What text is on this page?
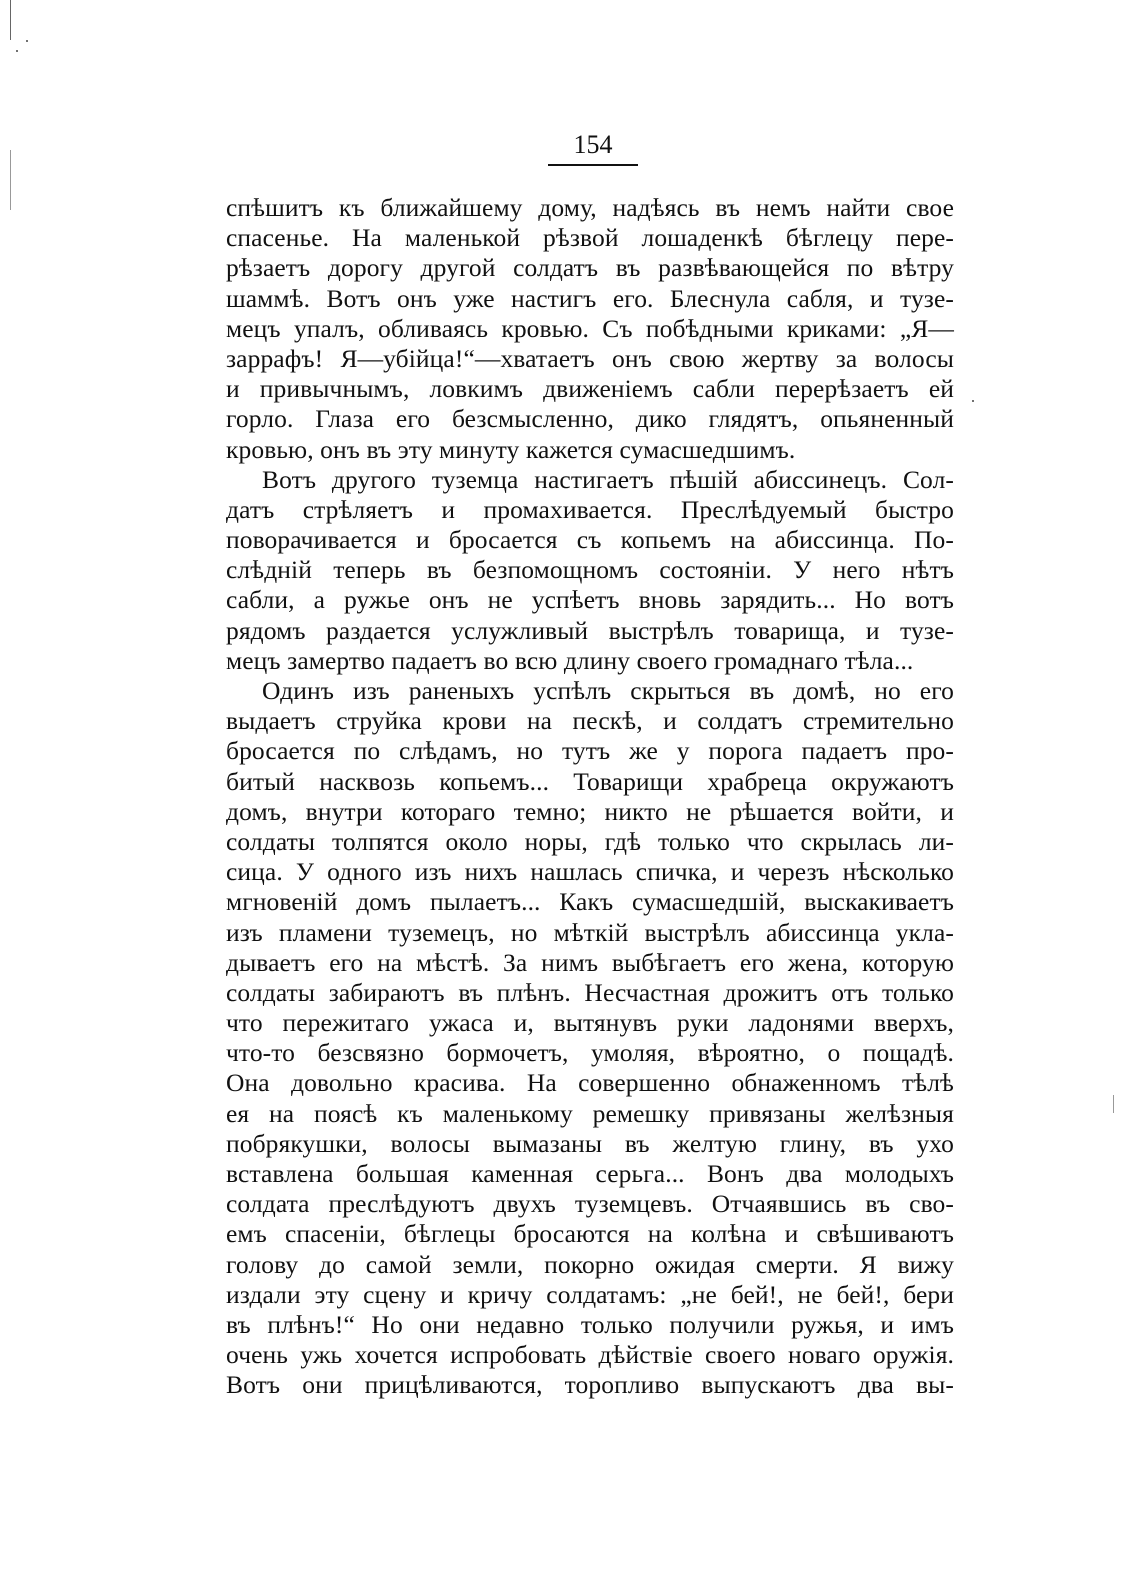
154
спѣшитъ къ ближайшему дому, надѣясь въ немъ найти свое
спасенье. На маленькой рѣзвой лошаденкѣ бѣглецу пере-
рѣзаетъ дорогу другой солдатъ въ развѣвающейся по вѣтру
шаммѣ. Вотъ онъ уже настигъ его. Блеснула сабля, и тузе-
мецъ упалъ, обливаясь кровью. Съ побѣдными криками: „Я—
заррафъ! Я—убійца!“—хватаетъ онъ свою жертву за волосы
и привычнымъ, ловкимъ движеніемъ сабли перерѣзаетъ ей
горло. Глаза его безсмысленно, дико глядятъ, опьяненный
кровью, онъ въ эту минуту кажется сумасшедшимъ.
Вотъ другого туземца настигаетъ пѣшій абиссинецъ. Сол-
датъ стрѣляетъ и промахивается. Преслѣдуемый быстро
поворачивается и бросается съ копьемъ на абиссинца. По-
слѣдній теперь въ безпомощномъ состояніи. У него нѣтъ
сабли, а ружье онъ не успѣетъ вновь зарядить... Но вотъ
рядомъ раздается услужливый выстрѣлъ товарища, и тузе-
мецъ замертво падаетъ во всю длину своего громаднаго тѣла...
Одинъ изъ раненыхъ успѣлъ скрыться въ домѣ, но его
выдаетъ струйка крови на пескѣ, и солдатъ стремительно
бросается по слѣдамъ, но тутъ же у порога падаетъ про-
битый насквозь копьемъ... Товарищи храбреца окружаютъ
домъ, внутри котораго темно; никто не рѣшается войти, и
солдаты толпятся около норы, гдѣ только что скрылась ли-
сица. У одного изъ нихъ нашлась спичка, и черезъ нѣсколько
мгновеній домъ пылаетъ... Какъ сумасшедшій, выскакиваетъ
изъ пламени туземецъ, но мѣткій выстрѣлъ абиссинца укла-
дываетъ его на мѣстѣ. За нимъ выбѣгаетъ его жена, которую
солдаты забираютъ въ плѣнъ. Несчастная дрожитъ отъ только
что пережитаго ужаса и, вытянувъ руки ладонями вверхъ,
что-то безсвязно бормочетъ, умоляя, вѣроятно, о пощадѣ.
Она довольно красива. На совершенно обнаженномъ тѣлѣ
ея на поясѣ къ маленькому ремешку привязаны желѣзныя
побрякушки, волосы вымазаны въ желтую глину, въ ухо
вставлена большая каменная серьга... Вонъ два молодыхъ
солдата преслѣдуютъ двухъ туземцевъ. Отчаявшись въ сво-
емъ спасеніи, бѣглецы бросаются на колѣна и свѣшиваютъ
голову до самой земли, покорно ожидая смерти. Я вижу
издали эту сцену и кричу солдатамъ: „не бей!, не бей!, бери
въ плѣнъ!“ Но они недавно только получили ружья, и имъ
очень ужь хочется испробовать дѣйствіе своего новаго оружія.
Вотъ они прицѣливаются, торопливо выпускаютъ два вы-
